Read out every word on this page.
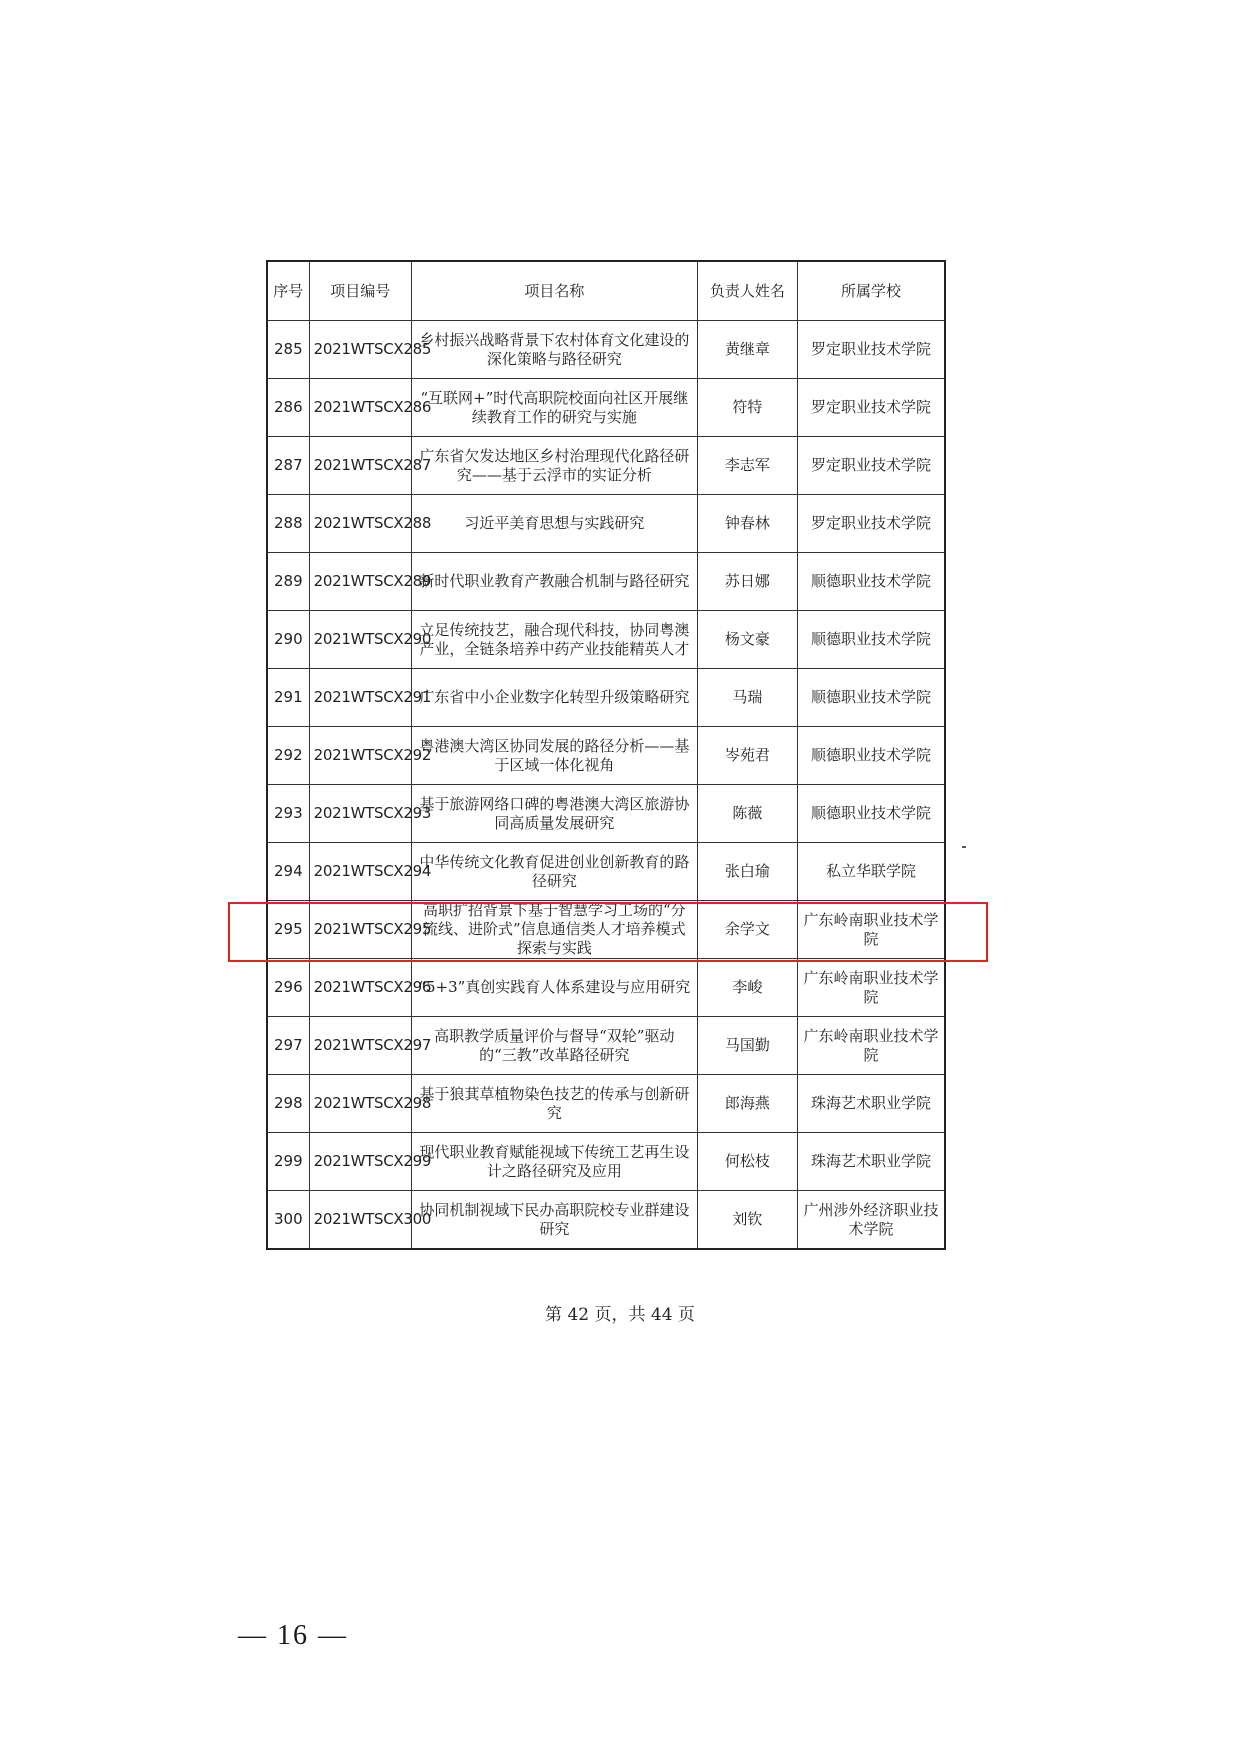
序号	项目编号	项目名称	负责人姓名	所属学校
285	2021WTSCX285	乡村振兴战略背景下农村体育文化建设的深化策略与路径研究	黄继章	罗定职业技术学院
286	2021WTSCX286	“互联网+”时代高职院校面向社区开展继续教育工作的研究与实施	符特	罗定职业技术学院
287	2021WTSCX287	广东省欠发达地区乡村治理现代化路径研究——基于云浮市的实证分析	李志军	罗定职业技术学院
288	2021WTSCX288	习近平美育思想与实践研究	钟春林	罗定职业技术学院
289	2021WTSCX289	新时代职业教育产教融合机制与路径研究	苏日娜	顺德职业技术学院
290	2021WTSCX290	立足传统技艺，融合现代科技，协同粤澳产业，全链条培养中药产业技能精英人才	杨文豪	顺德职业技术学院
291	2021WTSCX291	广东省中小企业数字化转型升级策略研究	马瑞	顺德职业技术学院
292	2021WTSCX292	粤港澳大湾区协同发展的路径分析——基于区域一体化视角	岑苑君	顺德职业技术学院
293	2021WTSCX293	基于旅游网络口碑的粤港澳大湾区旅游协同高质量发展研究	陈薇	顺德职业技术学院
294	2021WTSCX294	中华传统文化教育促进创业创新教育的路径研究	张白瑜	私立华联学院
295	2021WTSCX295	高职扩招背景下基于智慧学习工场的“分流线、进阶式”信息通信类人才培养模式探索与实践	余学文	广东岭南职业技术学院
296	2021WTSCX296	“5+3”真创实践育人体系建设与应用研究	李峻	广东岭南职业技术学院
297	2021WTSCX297	高职教学质量评价与督导“双轮”驱动的“三教”改革路径研究	马国勤	广东岭南职业技术学院
298	2021WTSCX298	基于狼萁草植物染色技艺的传承与创新研究	郎海燕	珠海艺术职业学院
299	2021WTSCX299	现代职业教育赋能视域下传统工艺再生设计之路径研究及应用	何松枝	珠海艺术职业学院
300	2021WTSCX300	协同机制视域下民办高职院校专业群建设研究	刘钦	广州涉外经济职业技术学院
第 42 页，共 44 页
— 16 —
